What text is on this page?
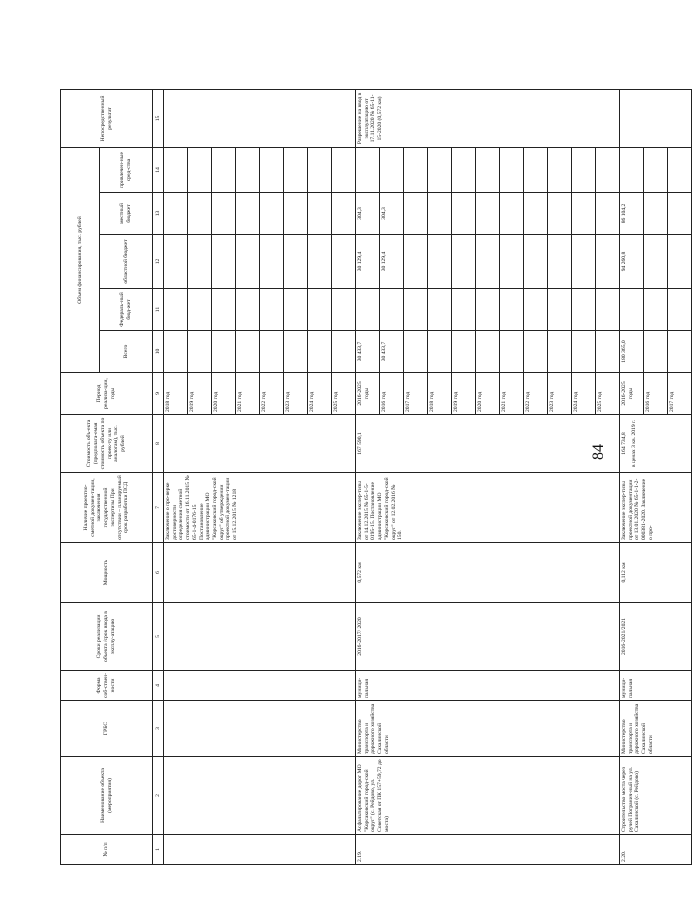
84
№ п/п	Наименование объекта (мероприятия)	ГРБС	Форма соб-ствен-ности	Сроки реализации объекта /срок ввода в эксплу-атацию	Мощность	Наличие проектно-сметной докумен-тации, заключения государственной экспертизы При отсутствии – планируемый срок разработки ПСД	Стоимость объ-екта (предполага-емая стоимость объекта по проек-ту или аналогам), тыс. рублей	Период реализа-ции, годы	Объем финансирования, тыс. рублей					Непосредственный результат
									Всего	Федераль-ный бюд-жет	областной бюджет	местный бюджет	привлечен-ные сред-ства	
1	2	3	4	5	6	7	8	9	10	11	12	13	14	15
						Заключение о про-верке достоверности определения сметной стоимости от 16.11.2015 № 65-1-4-0176-15 Постановление администрации МО "Корсаковский город-ской округ" об утверждении проектной докумен-тации от 15.12.2015 № 1218		2018 год						
								2019 год						
								2020 год						
								2021 год						
								2022 год						
								2023 год						
								2024 год						
								2025 год						
2.19.	Асфальтирование дорог МО "Корсаковский город-ской округ" (с. Рейдово, ул. Советская от ПК 157+59,72 до моста)	Министерство транспорта и дорожного хозяйства Сахалинской области	муници-пальная	2016-2017/ 2020	0,572 км	Заключение экспер-тизы от 14.12.2015 № 65-1-5-0195-15. Постановление администрации МО "Корсаковский город-ской округ" от 12.02.2016 № 150.	167 590,1	2016-2025 годы	30 433,7		30 129,4	304,3		Разрешение на ввод в эксплуатацию от 17.11.2020 № 65-11-15-2020 (0,572 км)
								2016 год	30 433,7		30 129,4	304,3		
								2017 год						
								2018 год						
								2019 год						
								2020 год						
								2021 год						
								2022 год						
								2023 год						
								2024 год						
								2025 год						
2.20.	Строительство моста через ручей Погранич-ный на ул. Сахалинской (с. Рейдово)	Министерство транспорта и дорожного хозяйства Сахалинской области	муници-пальная	2016-2021/2021	0,112 км	Заключение экспер-тизы проектной документации от 13.01.2020 № 65-1-1-2-000381-2020. Заключение о про-	164 734,8 в ценах 3 кв. 2019 г.	2016-2025 годы	180 365,0		94 260,8	86 104,2		
								2016 год						
								2017 год						
